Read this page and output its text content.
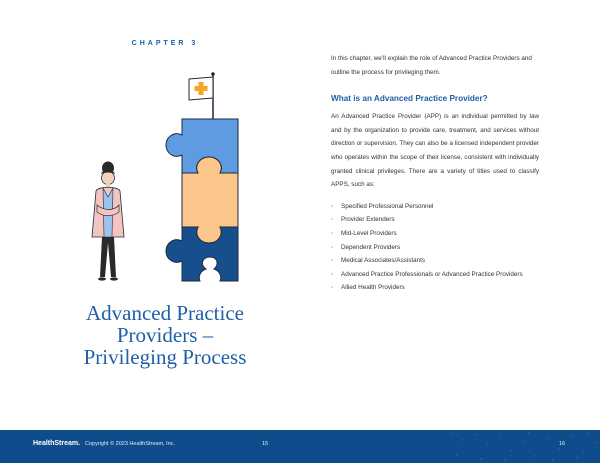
CHAPTER 3
Advanced Practice
Providers –
Privileging Process

In this chapter, we’ll explain the role of Advanced Practice Providers and outline the process for privileging them.

What is an Advanced Practice Provider?

An Advanced Practice Provider (APP) is an individual permitted by law and by the organization to provide care, treatment, and services without direction or supervision. They can also be a licensed independent provider who operates within the scope of their license, consistent with individually granted clinical privileges. There are a variety of titles used to classify APPS, such as:

· Specified Professional Personnel
· Provider Extenders
· Mid-Level Providers
· Dependent Providers
· Medical Associates/Assistants
· Advanced Practice Professionals or Advanced Practice Providers
· Allied Health Providers
HealthStream. Copyright © 2023 HealthStream, Inc.	15	16
